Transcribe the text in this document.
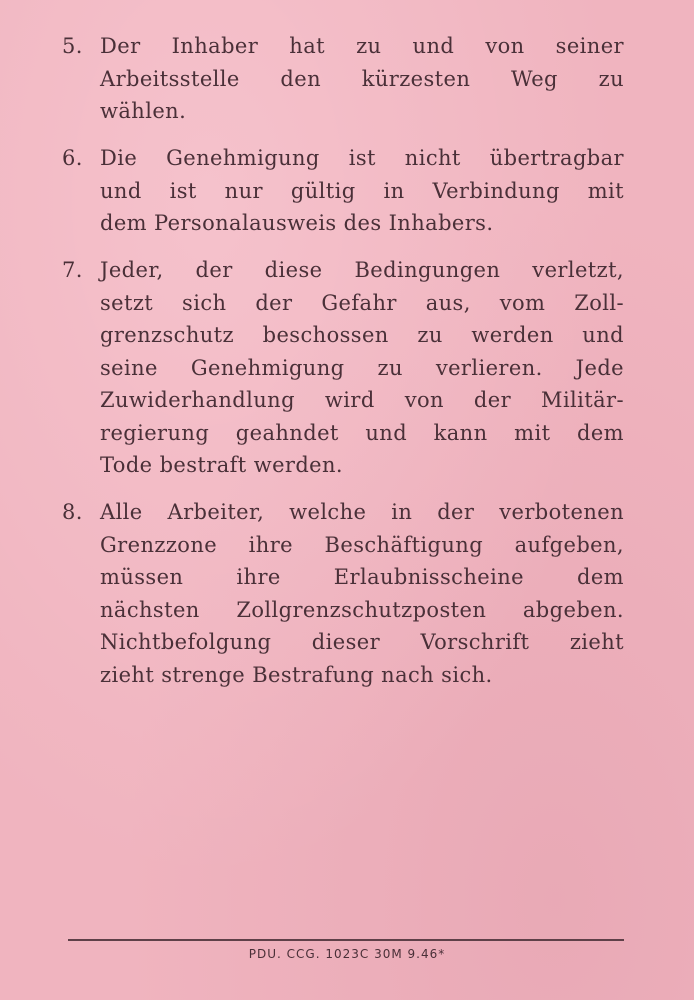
5. Der Inhaber hat zu und von seiner
Arbeitsstelle den kürzesten Weg zu
wählen.
6. Die Genehmigung ist nicht übertragbar
und ist nur gültig in Verbindung mit
dem Personalausweis des Inhabers.
7. Jeder, der diese Bedingungen verletzt,
setzt sich der Gefahr aus, vom Zoll-
grenzschutz beschossen zu werden und
seine Genehmigung zu verlieren. Jede
Zuwiderhandlung wird von der Militär-
regierung geahndet und kann mit dem
Tode bestraft werden.
8. Alle Arbeiter, welche in der verbotenen
Grenzzone ihre Beschäftigung aufgeben,
müssen ihre Erlaubnisscheine dem
nächsten Zollgrenzschutzposten abgeben.
Nichtbefolgung dieser Vorschrift zieht
zieht strenge Bestrafung nach sich.
PDU. CCG. 1023C 30M 9.46*
